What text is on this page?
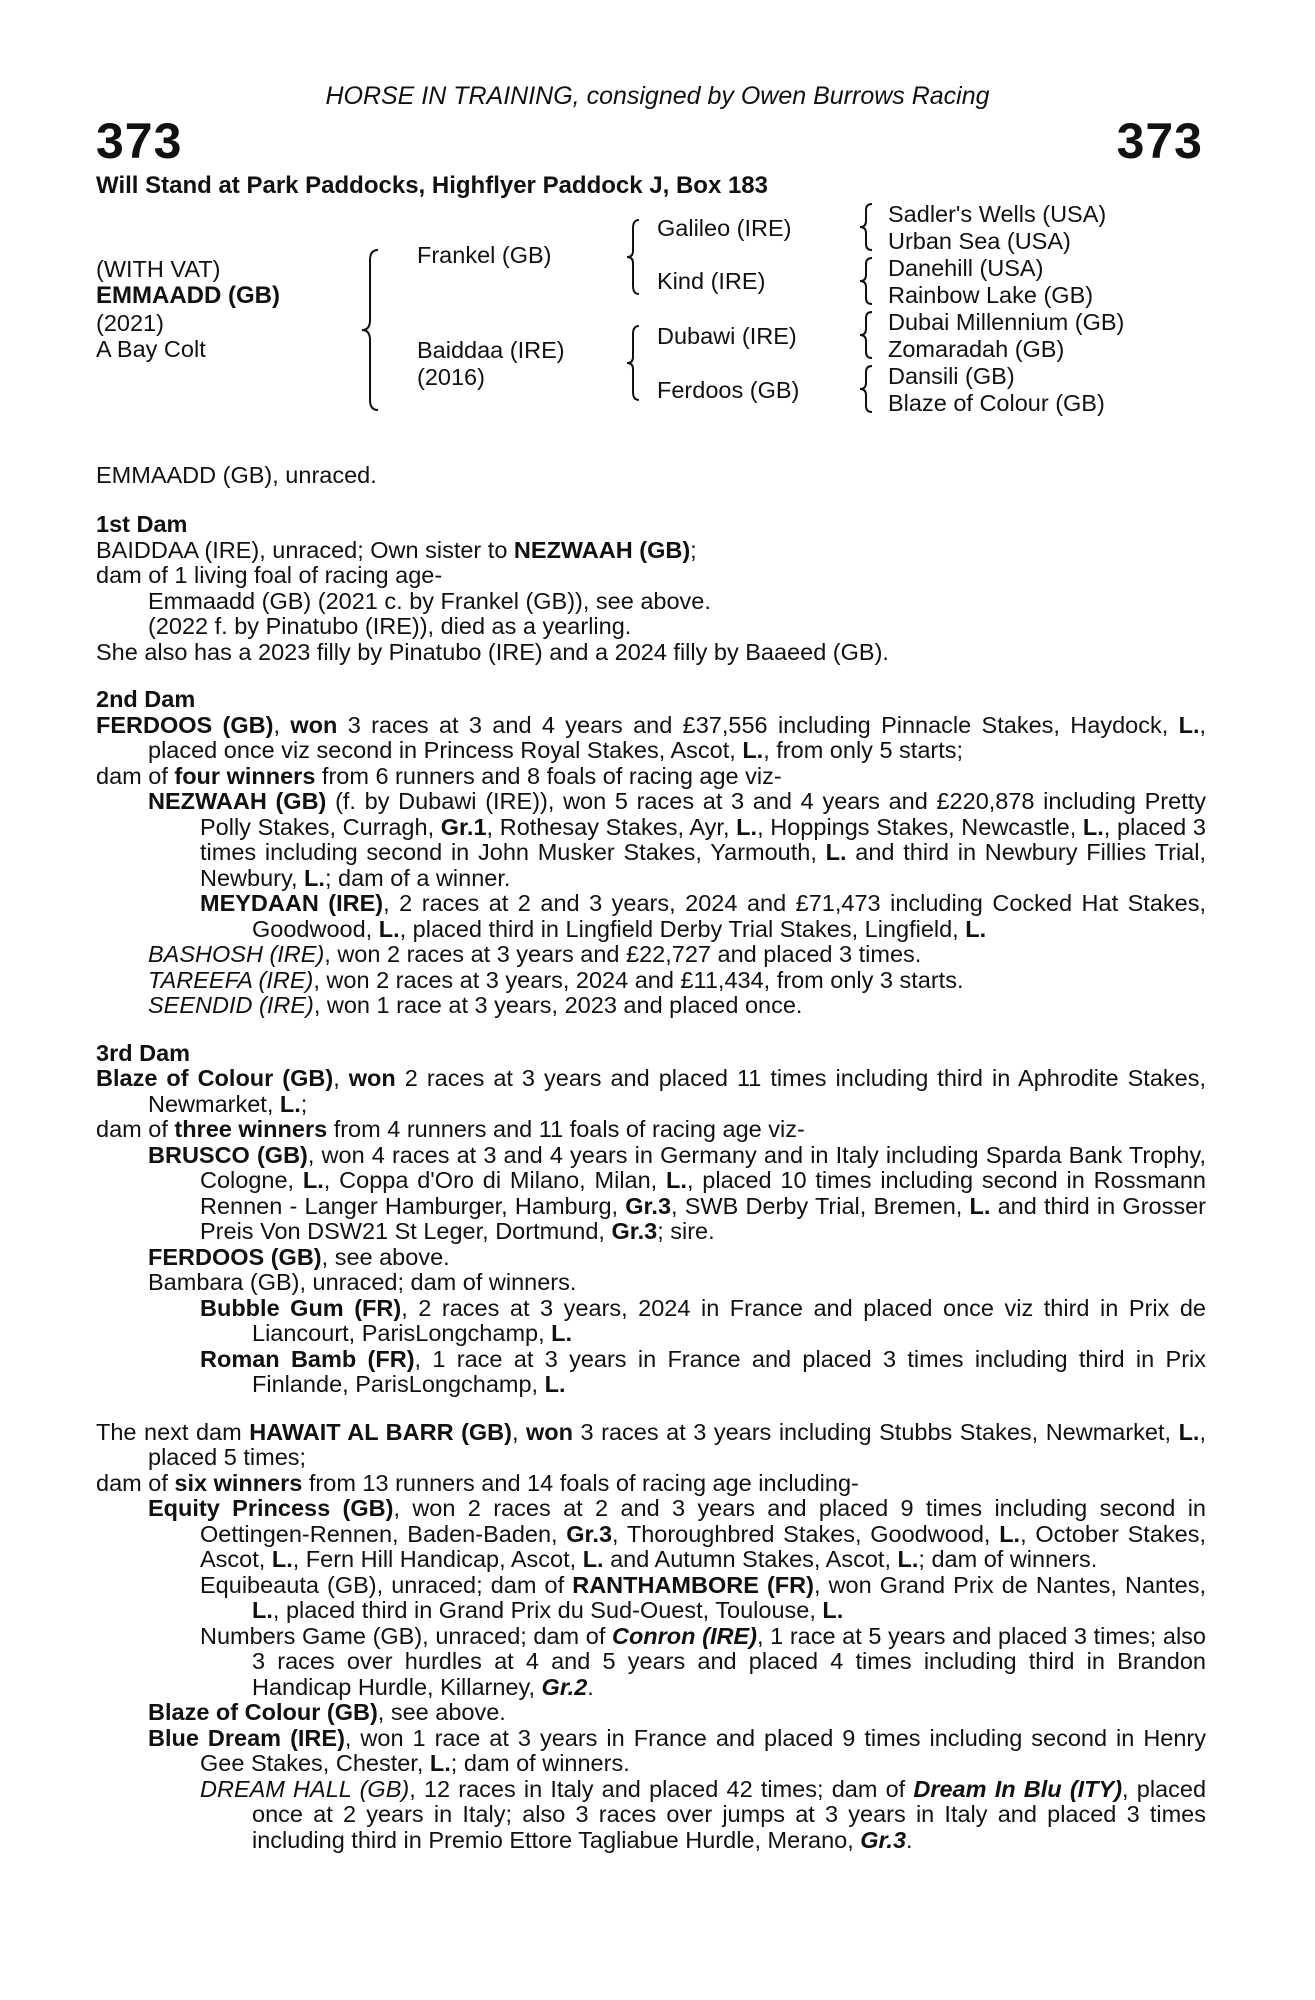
HORSE IN TRAINING, consigned by Owen Burrows Racing
373	373
Will Stand at Park Paddocks, Highflyer Paddock J, Box 183
(WITH VAT)
EMMAADD (GB)
(2021)
A Bay Colt
Frankel (GB)
Baiddaa (IRE)
(2016)
Galileo (IRE)
Kind (IRE)
Dubawi (IRE)
Ferdoos (GB)
Sadler's Wells (USA)
Urban Sea (USA)
Danehill (USA)
Rainbow Lake (GB)
Dubai Millennium (GB)
Zomaradah (GB)
Dansili (GB)
Blaze of Colour (GB)
EMMAADD (GB), unraced.

1st Dam

BAIDDAA (IRE), unraced; Own sister to NEZWAAH (GB);

dam of 1 living foal of racing age-

Emmaadd (GB) (2021 c. by Frankel (GB)), see above.

(2022 f. by Pinatubo (IRE)), died as a yearling.

She also has a 2023 filly by Pinatubo (IRE) and a 2024 filly by Baaeed (GB).

2nd Dam

FERDOOS (GB), won 3 races at 3 and 4 years and £37,556 including Pinnacle Stakes, Haydock, L., placed once viz second in Princess Royal Stakes, Ascot, L., from only 5 starts;

dam of four winners from 6 runners and 8 foals of racing age viz-

NEZWAAH (GB) (f. by Dubawi (IRE)), won 5 races at 3 and 4 years and £220,878 including Pretty Polly Stakes, Curragh, Gr.1, Rothesay Stakes, Ayr, L., Hoppings Stakes, Newcastle, L., placed 3 times including second in John Musker Stakes, Yarmouth, L. and third in Newbury Fillies Trial, Newbury, L.; dam of a winner.

MEYDAAN (IRE), 2 races at 2 and 3 years, 2024 and £71,473 including Cocked Hat Stakes, Goodwood, L., placed third in Lingfield Derby Trial Stakes, Lingfield, L.

BASHOSH (IRE), won 2 races at 3 years and £22,727 and placed 3 times.

TAREEFA (IRE), won 2 races at 3 years, 2024 and £11,434, from only 3 starts.

SEENDID (IRE), won 1 race at 3 years, 2023 and placed once.

3rd Dam

Blaze of Colour (GB), won 2 races at 3 years and placed 11 times including third in Aphrodite Stakes, Newmarket, L.;

dam of three winners from 4 runners and 11 foals of racing age viz-

BRUSCO (GB), won 4 races at 3 and 4 years in Germany and in Italy including Sparda Bank Trophy, Cologne, L., Coppa d'Oro di Milano, Milan, L., placed 10 times including second in Rossmann Rennen - Langer Hamburger, Hamburg, Gr.3, SWB Derby Trial, Bremen, L. and third in Grosser Preis Von DSW21 St Leger, Dortmund, Gr.3; sire.

FERDOOS (GB), see above.

Bambara (GB), unraced; dam of winners.

Bubble Gum (FR), 2 races at 3 years, 2024 in France and placed once viz third in Prix de Liancourt, ParisLongchamp, L.

Roman Bamb (FR), 1 race at 3 years in France and placed 3 times including third in Prix Finlande, ParisLongchamp, L.

The next dam HAWAIT AL BARR (GB), won 3 races at 3 years including Stubbs Stakes, Newmarket, L., placed 5 times;

dam of six winners from 13 runners and 14 foals of racing age including-

Equity Princess (GB), won 2 races at 2 and 3 years and placed 9 times including second in Oettingen-Rennen, Baden-Baden, Gr.3, Thoroughbred Stakes, Goodwood, L., October Stakes, Ascot, L., Fern Hill Handicap, Ascot, L. and Autumn Stakes, Ascot, L.; dam of winners.

Equibeauta (GB), unraced; dam of RANTHAMBORE (FR), won Grand Prix de Nantes, Nantes, L., placed third in Grand Prix du Sud-Ouest, Toulouse, L.

Numbers Game (GB), unraced; dam of Conron (IRE), 1 race at 5 years and placed 3 times; also 3 races over hurdles at 4 and 5 years and placed 4 times including third in Brandon Handicap Hurdle, Killarney, Gr.2.

Blaze of Colour (GB), see above.

Blue Dream (IRE), won 1 race at 3 years in France and placed 9 times including second in Henry Gee Stakes, Chester, L.; dam of winners.

DREAM HALL (GB), 12 races in Italy and placed 42 times; dam of Dream In Blu (ITY), placed once at 2 years in Italy; also 3 races over jumps at 3 years in Italy and placed 3 times including third in Premio Ettore Tagliabue Hurdle, Merano, Gr.3.
